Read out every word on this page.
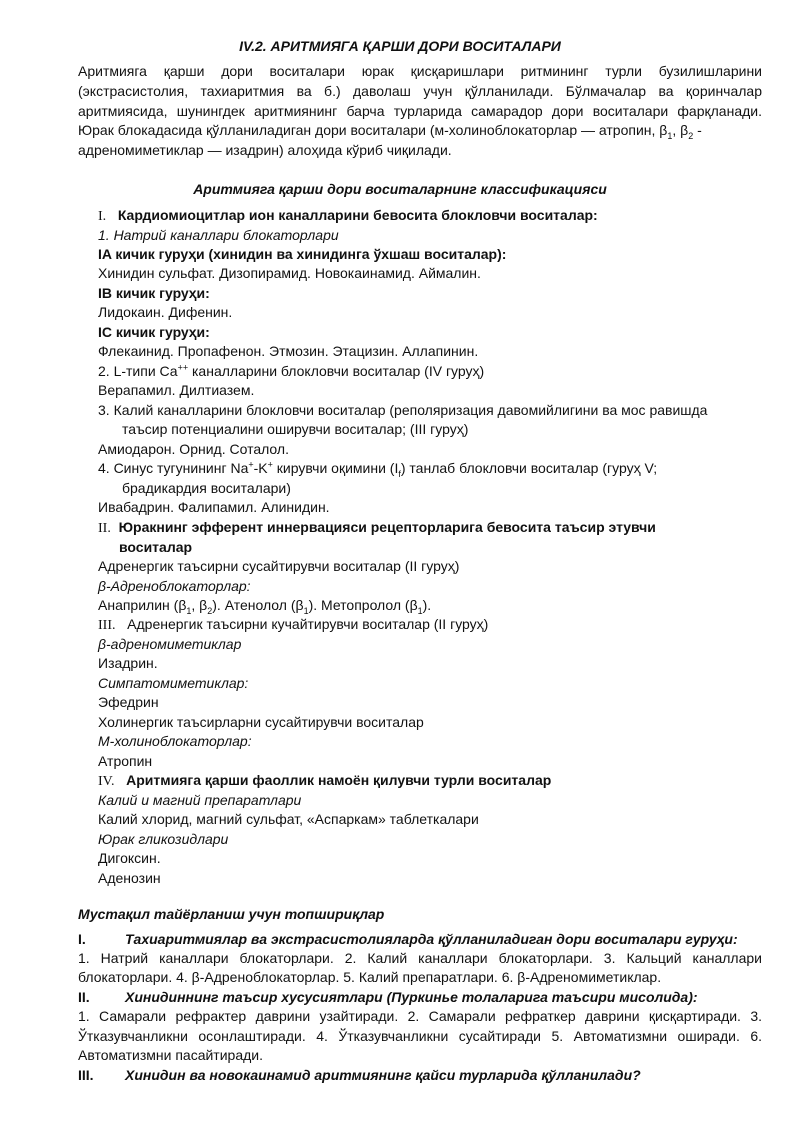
IV.2. АРИТМИЯГА ҚАРШИ ДОРИ ВОСИТАЛАРИ
Аритмияга қарши дори воситалари юрак қисқаришлари ритмининг турли бузилишларини
(экстрасистолия, тахиаритмия ва б.) даволаш учун қўлланилади. Бўлмачалар ва қоринчалар
аритмиясида, шунингдек аритмиянинг барча турларида самарадор дори воситалари фарқланади.
Юрак блокадасида қўлланиладиган дори воситалари (м-холиноблокаторлар — атропин, $\beta_1$, $\beta_2$ -
адреномиметиклар — изадрин) алоҳида кўриб чиқилади.
Аритмияга қарши дори воситаларнинг классификацияси
I. Кардиомиоцитлар ион каналларини бевосита блокловчи воситалар:
1. Натрий каналлари блокаторлари
IA кичик гуруҳи (хинидин ва хинидинга ўхшаш воситалар):
Хинидин сульфат. Дизопирамид. Новокаинамид. Аймалин.
IB кичик гуруҳи:
Лидокаин. Дифенин.
IC кичик гуруҳи:
Флекаинид. Пропафенон. Этмозин. Этацизин. Аллапинин.
2. L-типи Са++ каналларини блокловчи воситалар (IV гуруҳ)
Верапамил. Дилтиазем.
3. Калий каналларини блокловчи воситалар (реполяризация давомийлигини ва мос равишда
таъсир потенциалини оширувчи воситалар; (III гуруҳ)
Амиодарон. Орнид. Соталол.
4. Синус тугунининг Na+-K+ кирувчи оқимини $(I_f)$ танлаб блокловчи воситалар (гуруҳ V;
брадикардия воситалари)
Ивабадрин. Фалипамил. Алинидин.
II. Юракнинг эфферент иннервацияси рецепторларига бевосита таъсир этувчи
воситалар
Адренергик таъсирни сусайтирувчи воситалар (II гуруҳ)
β-Адреноблокаторлар:
Анаприлин ($\beta_1$, $\beta_2$). Атенолол $(\beta_1)$. Метопролол $(\beta_1)$.
III. Адренергик таъсирни кучайтирувчи воситалар (II гуруҳ)
β-адреномиметиклар
Изадрин.
Симпатомиметиклар:
Эфедрин
Холинергик таъсирларни сусайтирувчи воситалар
М-холиноблокаторлар:
Атропин
IV. Аритмияга қарши фаоллик намоён қилувчи турли воситалар
Калий и магний препаратлари
Калий хлорид, магний сульфат, «Аспаркам» таблеткалари
Юрак гликозидлари
Дигоксин.
Аденозин
Мустақил тайёрланиш учун топшириқлар
I.	Тахиаритмиялар ва экстрасистолияларда қўлланиладиган дори воситалари гуруҳи:
1. Натрий каналлари блокаторлари. 2. Калий каналлари блокаторлари. 3. Кальций каналлари
блокаторлари. 4. β-Адреноблокаторлар. 5. Калий препаратлари. 6. β-Адреномиметиклар.
II.	Хинидиннинг таъсир хусусиятлари (Пуркинье толаларига таъсири мисолида):
1. Самарали рефрактер даврини узайтиради. 2. Самарали рефраткер даврини қисқартиради. 3.
Ўтказувчанликни осонлаштиради. 4. Ўтказувчанликни сусайтиради 5. Автоматизмни оширади. 6.
Автоматизмни пасайтиради.
III. Хинидин ва новокаинамид аритмиянинг қайси турларида қўлланилади?
